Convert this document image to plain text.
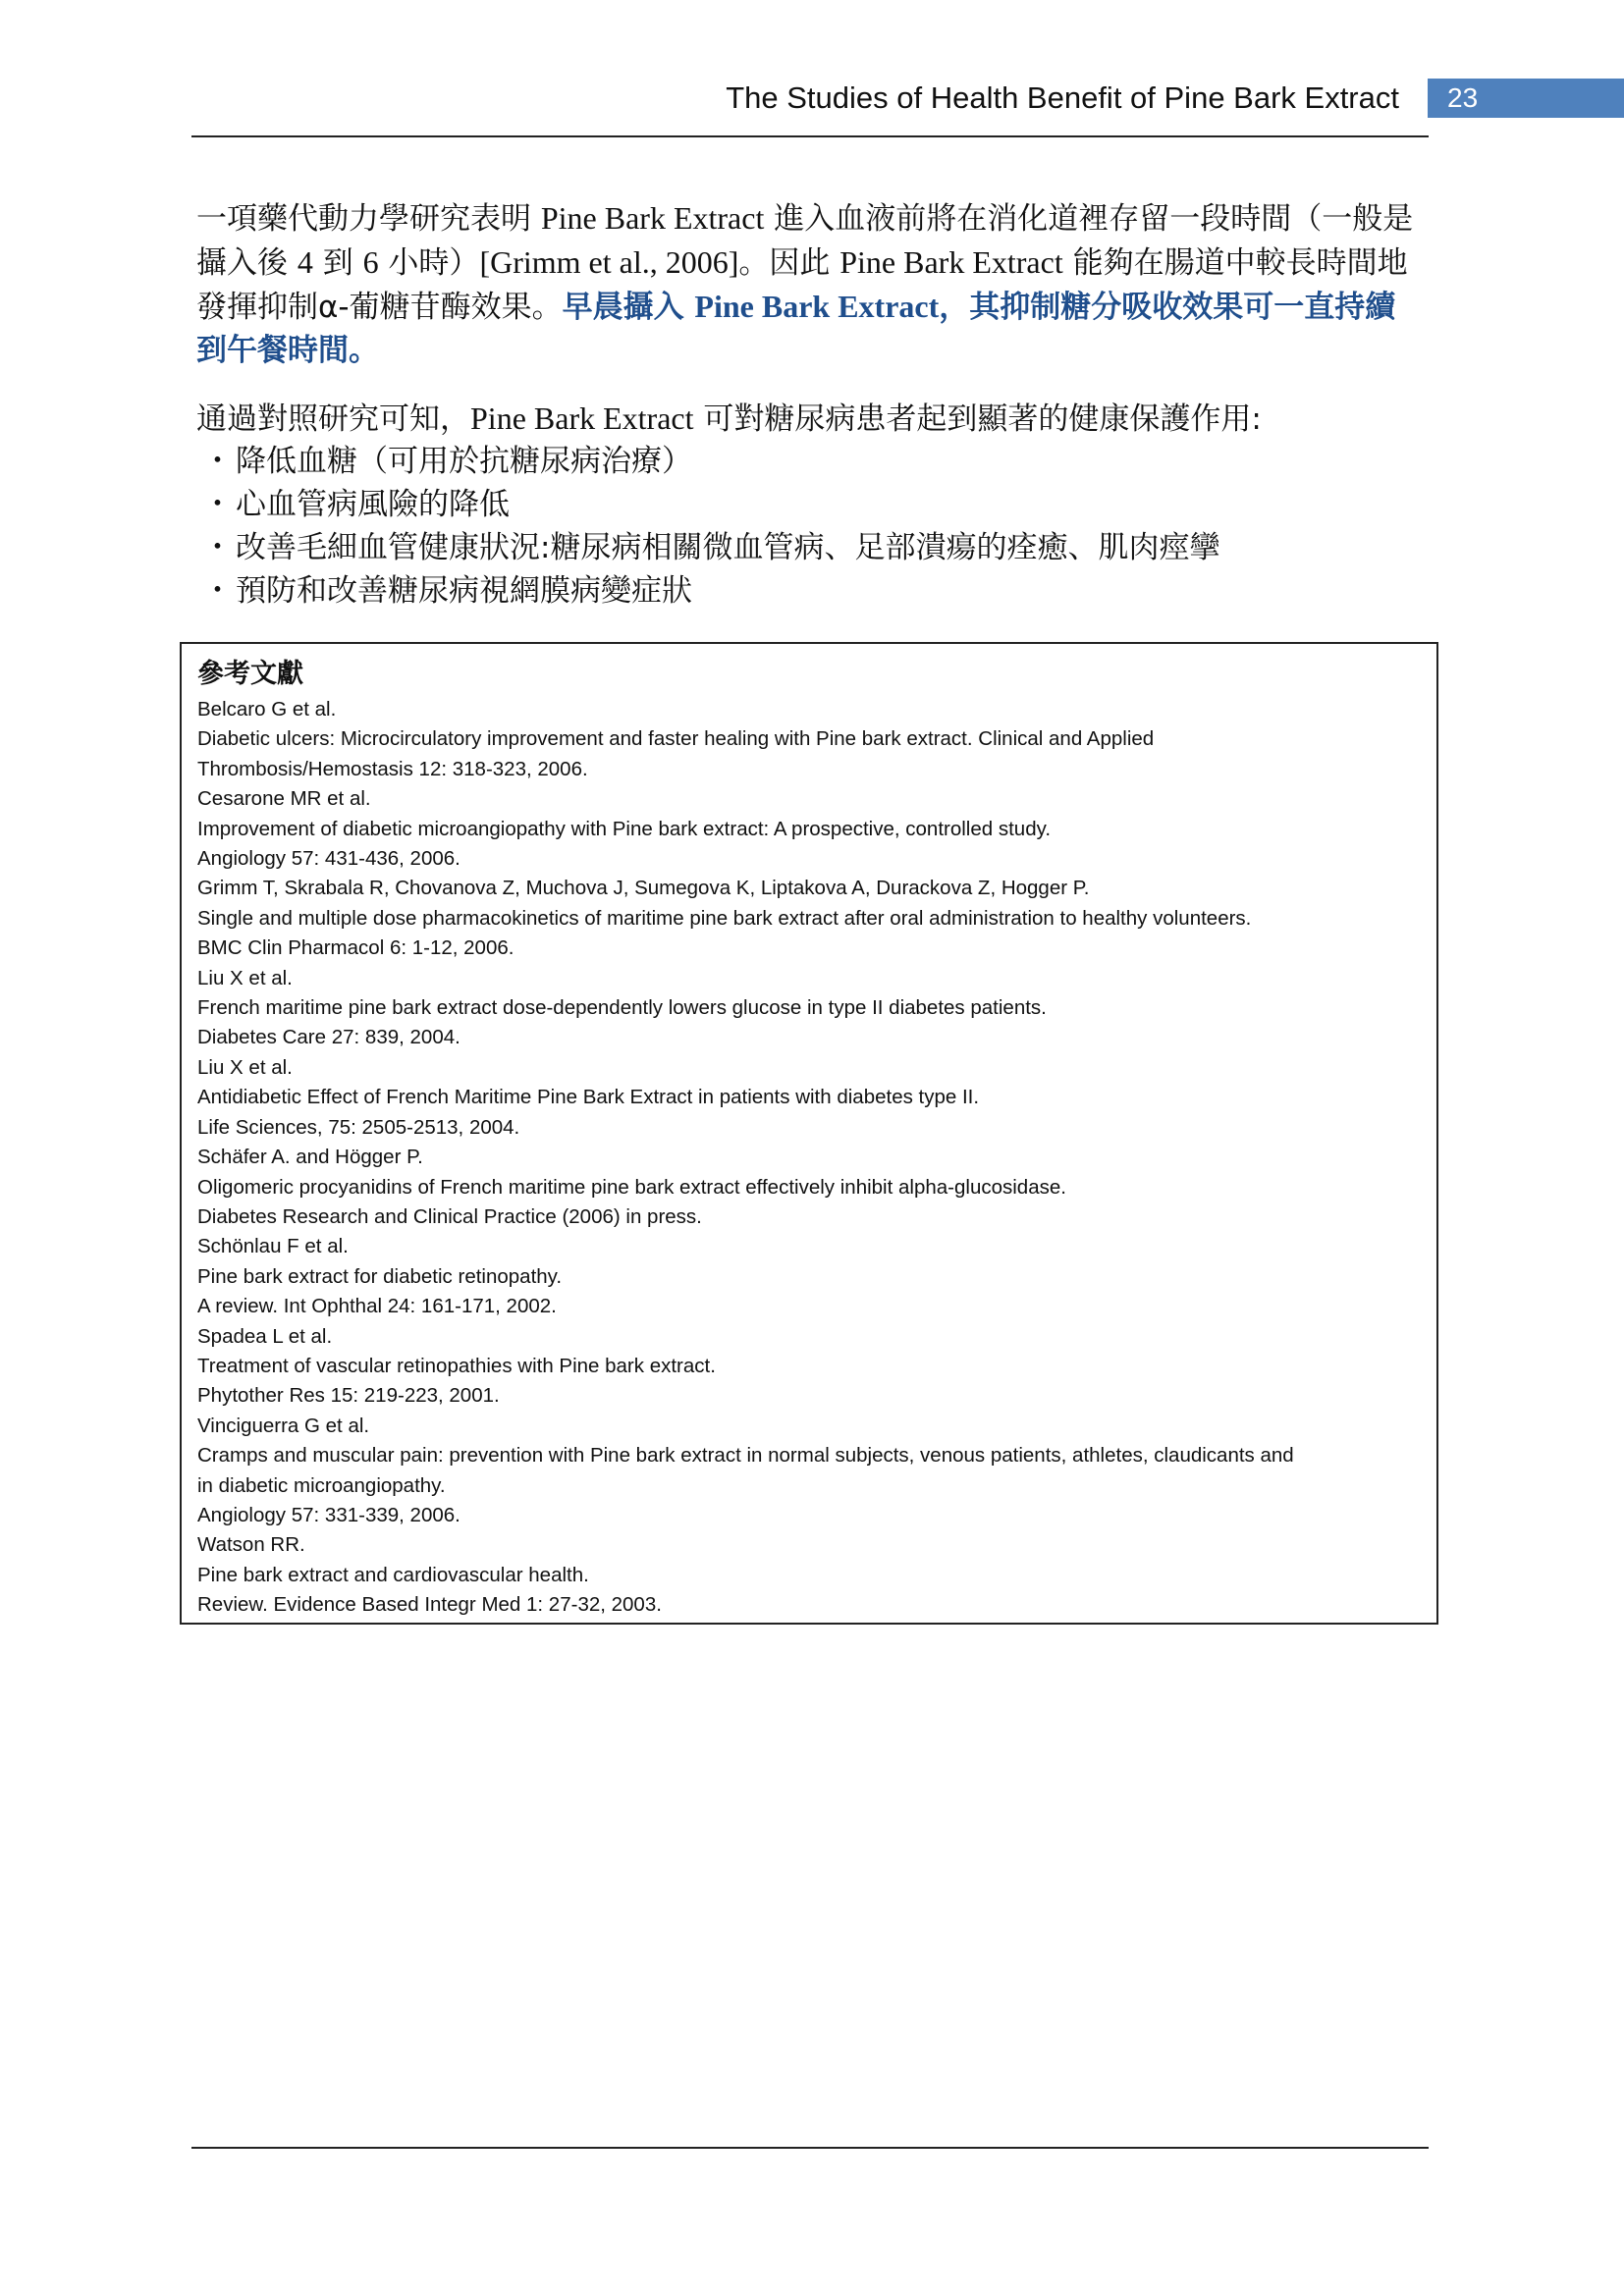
The Studies of Health Benefit of Pine Bark Extract	23

一項藥代動力學研究表明 Pine Bark Extract 進入血液前將在消化道裡存留一段時間（一般是攝入後 4 到 6 小時）[Grimm et al., 2006]。因此 Pine Bark Extract 能夠在腸道中較長時間地發揮抑制α-葡糖苷酶效果。早晨攝入 Pine Bark Extract，其抑制糖分吸收效果可一直持續到午餐時間。

通過對照研究可知，Pine Bark Extract 可對糖尿病患者起到顯著的健康保護作用:

・ 降低血糖（可用於抗糖尿病治療）
・ 心血管病風險的降低
・ 改善毛細血管健康狀況:糖尿病相關微血管病、足部潰瘍的痊癒、肌肉痙攣
・ 預防和改善糖尿病視網膜病變症狀
參考文獻
Belcaro G et al.
Diabetic ulcers: Microcirculatory improvement and faster healing with Pine bark extract. Clinical and Applied
Thrombosis/Hemostasis 12: 318-323, 2006.
Cesarone MR et al.
Improvement of diabetic microangiopathy with Pine bark extract: A prospective, controlled study.
Angiology 57: 431-436, 2006.
Grimm T, Skrabala R, Chovanova Z, Muchova J, Sumegova K, Liptakova A, Durackova Z, Hogger P.
Single and multiple dose pharmacokinetics of maritime pine bark extract after oral administration to healthy volunteers.
BMC Clin Pharmacol 6: 1-12, 2006.
Liu X et al.
French maritime pine bark extract dose-dependently lowers glucose in type II diabetes patients.
Diabetes Care 27: 839, 2004.
Liu X et al.
Antidiabetic Effect of French Maritime Pine Bark Extract in patients with diabetes type II.
Life Sciences, 75: 2505-2513, 2004.
Schäfer A. and Högger P.
Oligomeric procyanidins of French maritime pine bark extract effectively inhibit alpha-glucosidase.
Diabetes Research and Clinical Practice (2006) in press.
Schönlau F et al.
Pine bark extract for diabetic retinopathy.
A review. Int Ophthal 24: 161-171, 2002.
Spadea L et al.
Treatment of vascular retinopathies with Pine bark extract.
Phytother Res 15: 219-223, 2001.
Vinciguerra G et al.
Cramps and muscular pain: prevention with Pine bark extract in normal subjects, venous patients, athletes, claudicants and
in diabetic microangiopathy.
Angiology 57: 331-339, 2006.
Watson RR.
Pine bark extract and cardiovascular health.
Review. Evidence Based Integr Med 1: 27-32, 2003.
